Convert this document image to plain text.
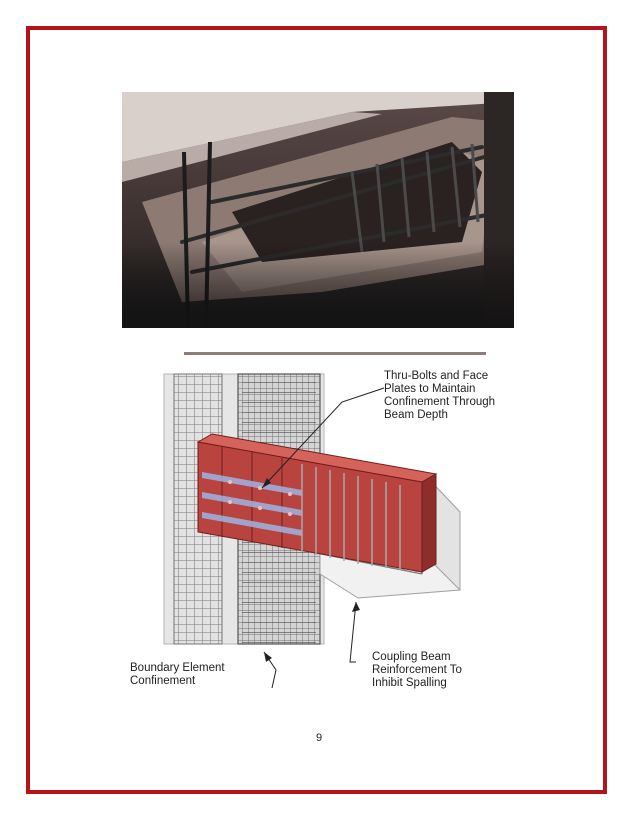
Thru-Bolts and Face
Plates to Maintain
Confinement Through
Beam Depth
Coupling Beam
Reinforcement To
Inhibit Spalling
Boundary Element
Confinement
9
